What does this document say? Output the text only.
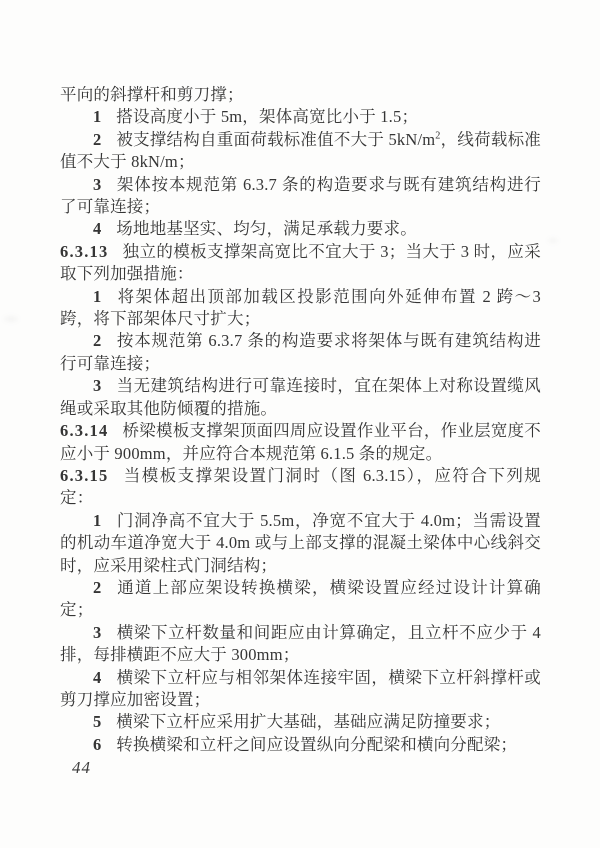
平向的斜撑杆和剪刀撑；

1 搭设高度小于 5m，架体高宽比小于 1.5；

2 被支撑结构自重面荷载标准值不大于 $5kN/m^2$，线荷载标准值不大于 8kN/m；

3 架体按本规范第 6.3.7 条的构造要求与既有建筑结构进行了可靠连接；

4 场地地基坚实、均匀，满足承载力要求。

6.3.13 独立的模板支撑架高宽比不宜大于 3；当大于 3 时，应采取下列加强措施：

1 将架体超出顶部加载区投影范围向外延伸布置 2 跨～3 跨，将下部架体尺寸扩大；

2 按本规范第 6.3.7 条的构造要求将架体与既有建筑结构进行可靠连接；

3 当无建筑结构进行可靠连接时，宜在架体上对称设置缆风绳或采取其他防倾覆的措施。

6.3.14 桥梁模板支撑架顶面四周应设置作业平台，作业层宽度不应小于 900mm，并应符合本规范第 6.1.5 条的规定。

6.3.15 当模板支撑架设置门洞时（图 6.3.15），应符合下列规定：

1 门洞净高不宜大于 5.5m，净宽不宜大于 4.0m；当需设置的机动车道净宽大于 4.0m 或与上部支撑的混凝土梁体中心线斜交时，应采用梁柱式门洞结构；

2 通道上部应架设转换横梁，横梁设置应经过设计计算确定；

3 横梁下立杆数量和间距应由计算确定，且立杆不应少于 4 排，每排横距不应大于 300mm；

4 横梁下立杆应与相邻架体连接牢固，横梁下立杆斜撑杆或剪刀撑应加密设置；

5 横梁下立杆应采用扩大基础，基础应满足防撞要求；

6 转换横梁和立杆之间应设置纵向分配梁和横向分配梁；

44
